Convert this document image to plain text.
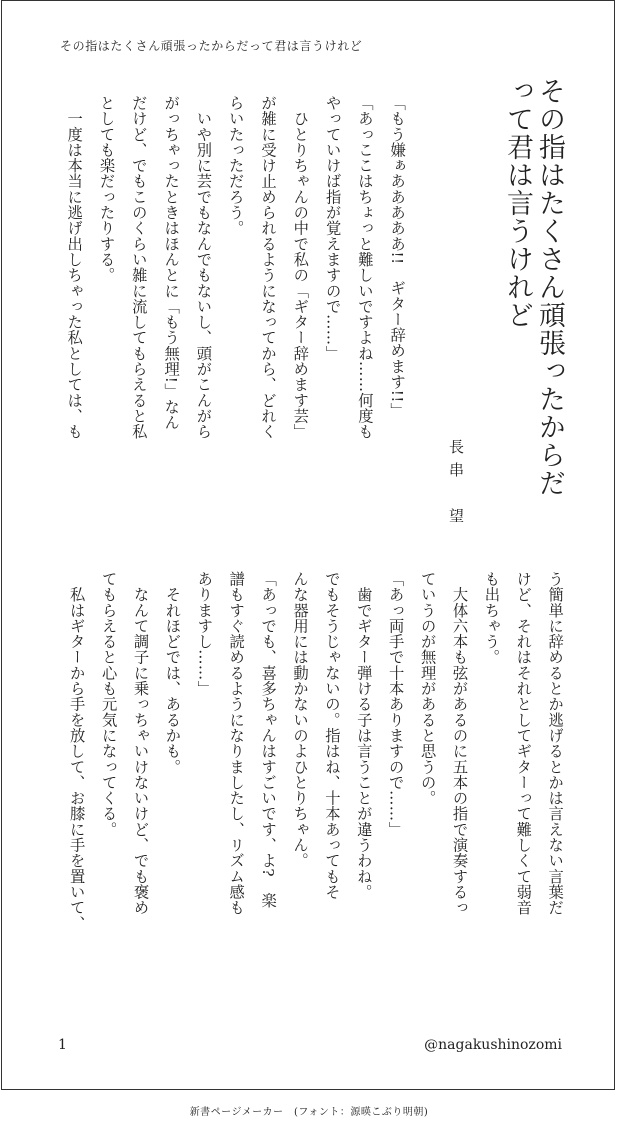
その指はたくさん頑張ったからだって君は言うけれど
その指はたくさん頑張ったからだ
って君は言うけれど
長串　望
「もう嫌ぁあああああ!!　ギター辞めます!!」
「あっここはちょっと難しいですよね……何度も
やっていけば指が覚えますので……」
　ひとりちゃんの中で私の「ギター辞めます芸」
が雑に受け止められるようになってから、どれく
らいたっただろう。
　いや別に芸でもなんでもないし、頭がこんがら
がっちゃったときはほんとに「もう無理!」なん
だけど、でもこのくらい雑に流してもらえると私
としても楽だったりする。
　一度は本当に逃げ出しちゃった私としては、も
う簡単に辞めるとか逃げるとかは言えない言葉だ
けど、それはそれとしてギターって難しくて弱音
も出ちゃう。
　大体六本も弦があるのに五本の指で演奏するっ
ていうのが無理があると思うの。
「あっ両手で十本ありますので……」
　歯でギター弾ける子は言うことが違うわね。
でもそうじゃないの。指はね、十本あってもそ
んな器用には動かないのよひとりちゃん。
「あっでも、喜多ちゃんはすごいです、よ?　楽
譜もすぐ読めるようになりましたし、リズム感も
ありますし……」
　それほどでは、あるかも。
　なんて調子に乗っちゃいけないけど、でも褒め
てもらえると心も元気になってくる。
　私はギターから手を放して、お膝に手を置いて、
1	@nagakushinozomi
新書ページメーカー　(フォント：源暎こぶり明朝)
